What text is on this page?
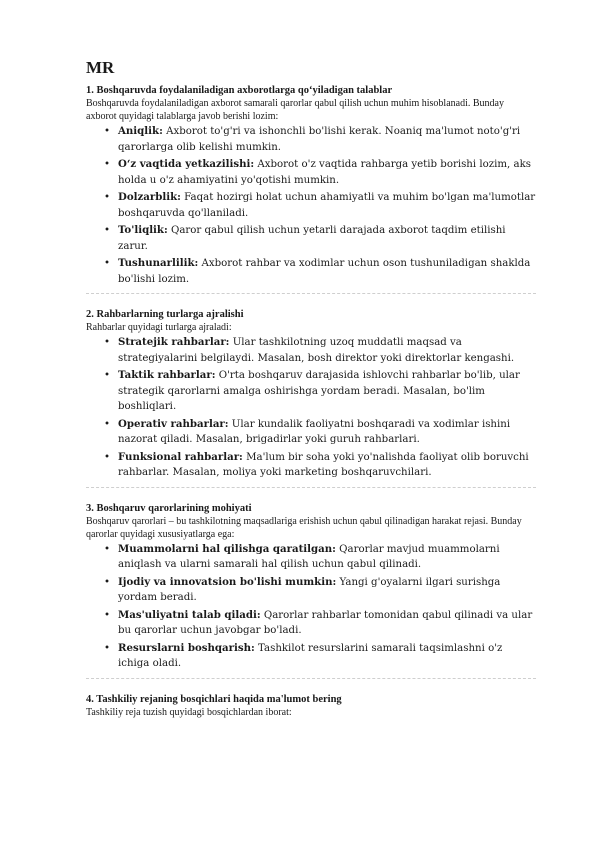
MR

1. Boshqaruvda foydalaniladigan axborotlarga qo‘yiladigan talablar

Boshqaruvda foydalaniladigan axborot samarali qarorlar qabul qilish uchun muhim hisoblanadi. Bunday axborot quyidagi talablarga javob berishi lozim:

• Aniqlik: Axborot to'g'ri va ishonchli bo'lishi kerak. Noaniq ma'lumot noto'g'ri qarorlarga olib kelishi mumkin.
• O‘z vaqtida yetkazilishi: Axborot o'z vaqtida rahbarga yetib borishi lozim, aks holda u o'z ahamiyatini yo'qotishi mumkin.
• Dolzarblik: Faqat hozirgi holat uchun ahamiyatli va muhim bo'lgan ma'lumotlar boshqaruvda qo'llaniladi.
• To'liqlik: Qaror qabul qilish uchun yetarli darajada axborot taqdim etilishi zarur.
• Tushunarlilik: Axborot rahbar va xodimlar uchun oson tushuniladigan shaklda bo'lishi lozim.

2. Rahbarlarning turlarga ajralishi

Rahbarlar quyidagi turlarga ajraladi:

• Stratejik rahbarlar: Ular tashkilotning uzoq muddatli maqsad va strategiyalarini belgilaydi. Masalan, bosh direktor yoki direktorlar kengashi.
• Taktik rahbarlar: O'rta boshqaruv darajasida ishlovchi rahbarlar bo'lib, ular strategik qarorlarni amalga oshirishga yordam beradi. Masalan, bo'lim boshliqlari.
• Operativ rahbarlar: Ular kundalik faoliyatni boshqaradi va xodimlar ishini nazorat qiladi. Masalan, brigadirlar yoki guruh rahbarlari.
• Funksional rahbarlar: Ma'lum bir soha yoki yo'nalishda faoliyat olib boruvchi rahbarlar. Masalan, moliya yoki marketing boshqaruvchilari.

3. Boshqaruv qarorlarining mohiyati

Boshqaruv qarorlari – bu tashkilotning maqsadlariga erishish uchun qabul qilinadigan harakat rejasi. Bunday qarorlar quyidagi xususiyatlarga ega:

• Muammolarni hal qilishga qaratilgan: Qarorlar mavjud muammolarni aniqlash va ularni samarali hal qilish uchun qabul qilinadi.
• Ijodiy va innovatsion bo'lishi mumkin: Yangi g'oyalarni ilgari surishga yordam beradi.
• Mas'uliyatni talab qiladi: Qarorlar rahbarlar tomonidan qabul qilinadi va ular bu qarorlar uchun javobgar bo'ladi.
• Resurslarni boshqarish: Tashkilot resurslarini samarali taqsimlashni o'z ichiga oladi.

4. Tashkiliy rejaning bosqichlari haqida ma'lumot bering

Tashkiliy reja tuzish quyidagi bosqichlardan iborat:
